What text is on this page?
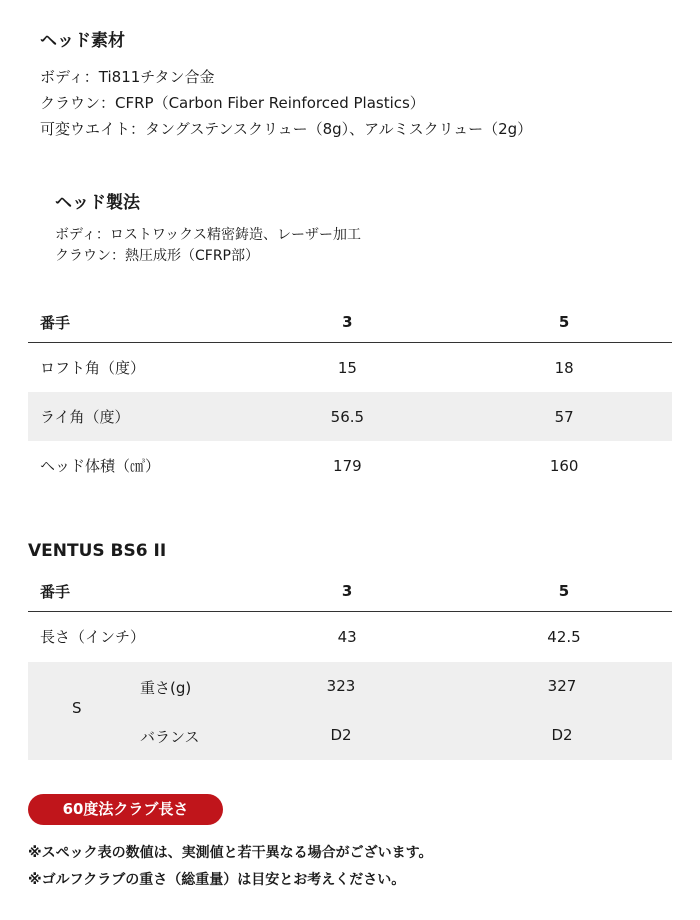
ヘッド素材
ボディ：Ti811チタン合金
クラウン：CFRP（Carbon Fiber Reinforced Plastics）
可変ウエイト：タングステンスクリュー（8g）、アルミスクリュー（2g）
ヘッド製法
ボディ：ロストワックス精密鋳造、レーザー加工
クラウン：熱圧成形（CFRP部）
番手	3	5
ロフト角（度）	15	18
ライ角（度）	56.5	57
ヘッド体積（㎤）	179	160
VENTUS BS6 II
番手	3	5
長さ（インチ）	43	42.5
S
重さ(g)	323	327
バランス	D2	D2
60度法クラブ長さ
※スペック表の数値は、実測値と若干異なる場合がございます。
※ゴルフクラブの重さ（総重量）は目安とお考えください。
